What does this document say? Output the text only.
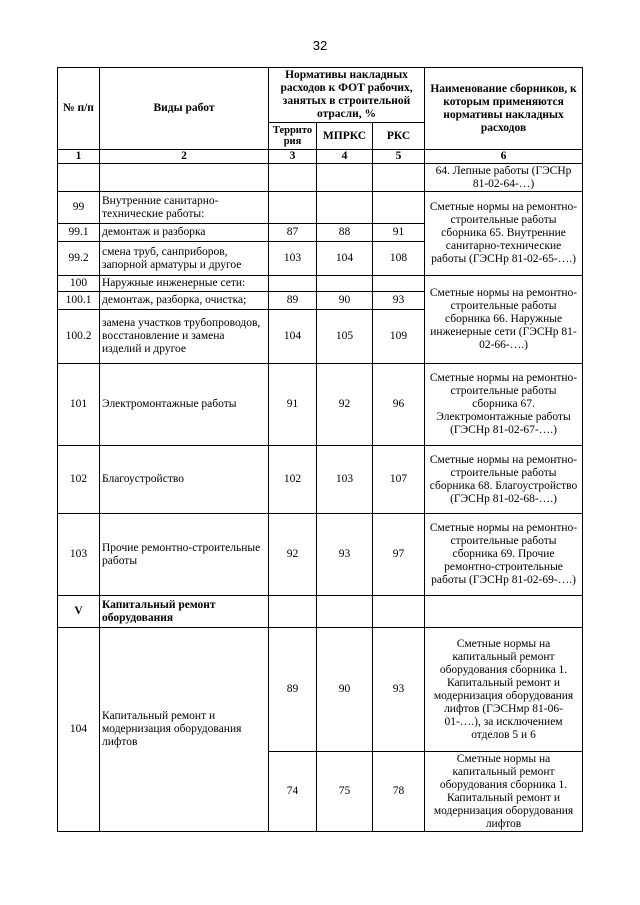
32
№ п/п	Виды работ	Нормативы накладных расходов к ФОТ рабочих, занятых в строительной отрасли, %			Наименование сборников, к которым применяются нормативы накладных расходов
		Террито рия	МПРКС	РКС	
1	2	3	4	5	6
					64. Лепные работы (ГЭСНр 81-02-64-…)
99	Внутренние санитарно-технические работы:				Сметные нормы на ремонтно-строительные работы сборника 65. Внутренние санитарно-технические работы (ГЭСНр 81-02-65-….)
99.1	демонтаж и разборка	87	88	91	
99.2	смена труб, санприборов, запорной арматуры и другое	103	104	108	
100	Наружные инженерные сети:				Сметные нормы на ремонтно-строительные работы сборника 66. Наружные инженерные сети (ГЭСНр 81-02-66-….)
100.1	демонтаж, разборка, очистка;	89	90	93	
100.2	замена участков трубопроводов, восстановление и замена изделий и другое	104	105	109	
101	Электромонтажные работы	91	92	96	Сметные нормы на ремонтно-строительные работы сборника 67. Электромонтажные работы (ГЭСНр 81-02-67-….)
102	Благоустройство	102	103	107	Сметные нормы на ремонтно-строительные работы сборника 68. Благоустройство (ГЭСНр 81-02-68-….)
103	Прочие ремонтно-строительные работы	92	93	97	Сметные нормы на ремонтно-строительные работы сборника 69. Прочие ремонтно-строительные работы (ГЭСНр 81-02-69-….)
V	Капитальный ремонт оборудования				
104	Капитальный ремонт и модернизация оборудования лифтов	89	90	93	Сметные нормы на капитальный ремонт оборудования сборника 1. Капитальный ремонт и модернизация оборудования лифтов (ГЭСНмр 81-06-01-….), за исключением отделов 5 и 6
		74	75	78	Сметные нормы на капитальный ремонт оборудования сборника 1. Капитальный ремонт и модернизация оборудования лифтов
